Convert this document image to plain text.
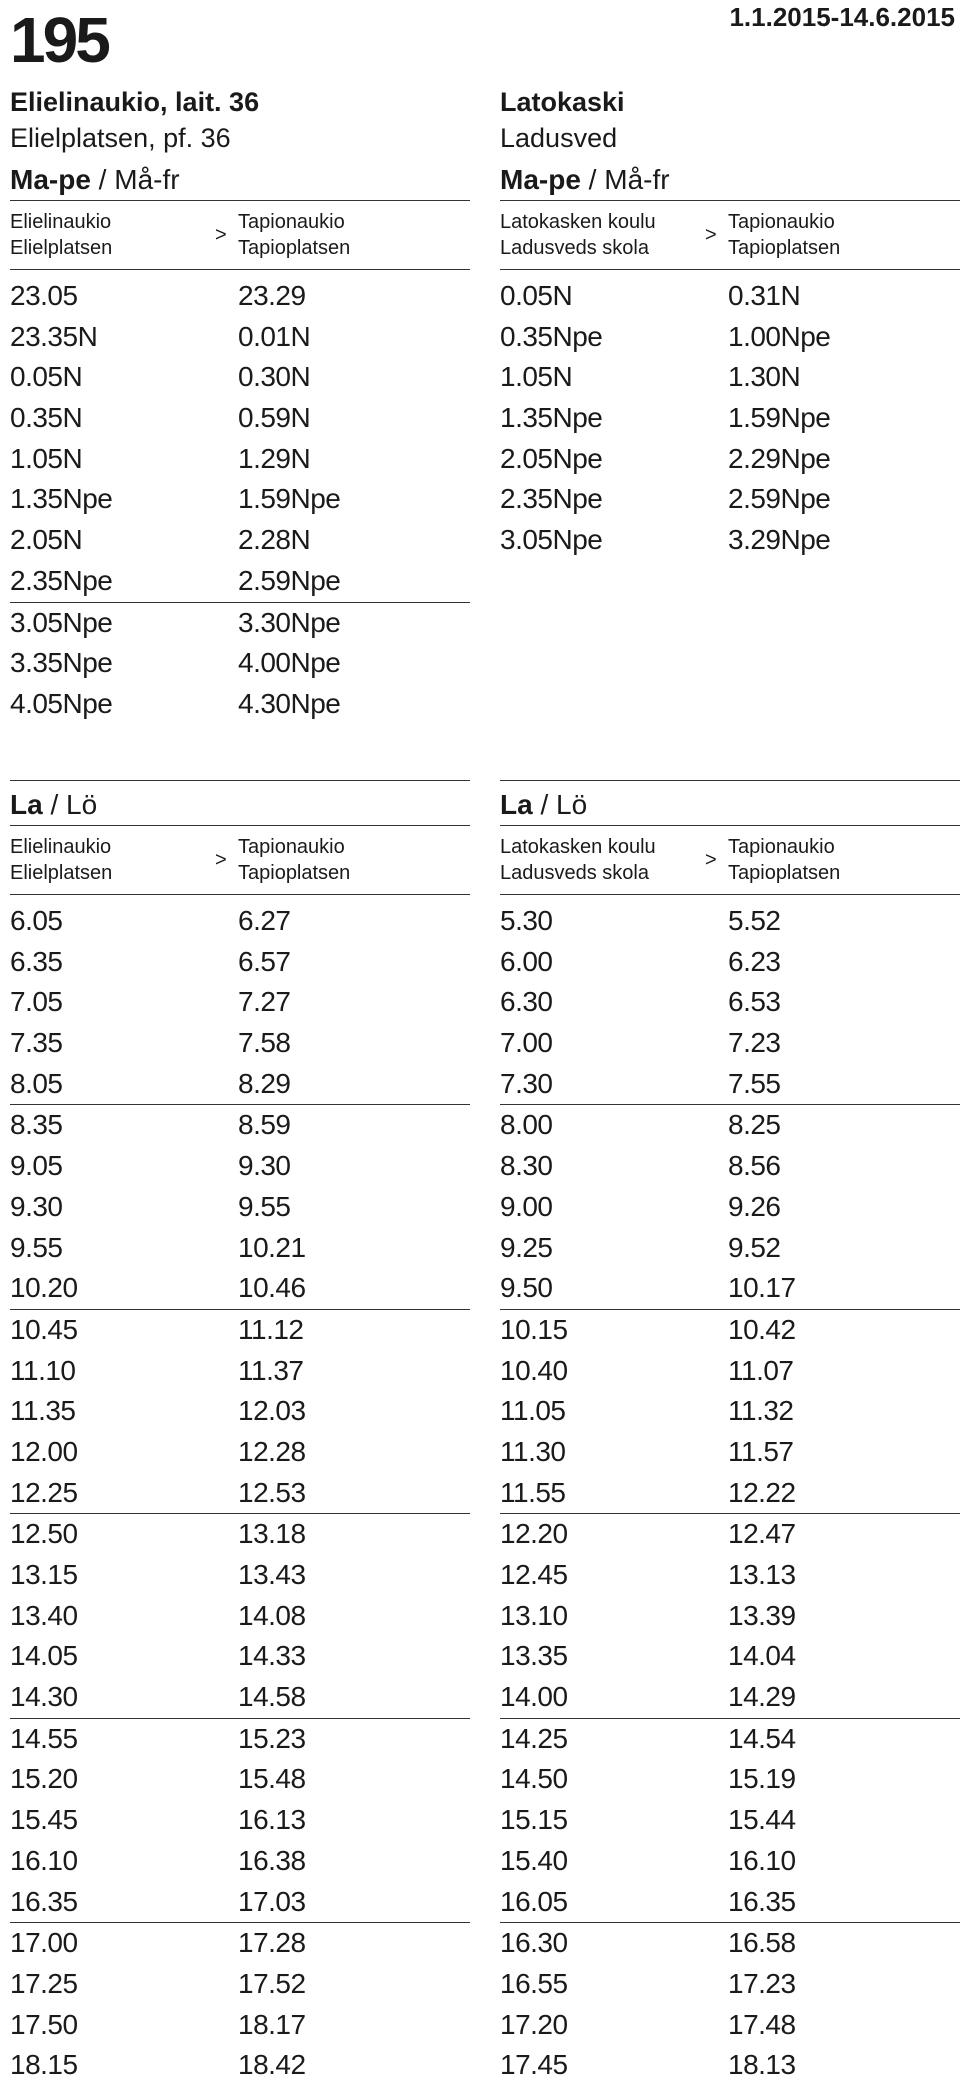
195	1.1.2015-14.6.2015
Elielinaukio, lait. 36
Elielplatsen, pf. 36
Latokaski
Ladusved
Ma-pe / Må-fr
Elielinaukio
Elielplatsen
>
Tapionaukio
Tapioplatsen
23.05	23.29
23.35N	0.01N
0.05N	0.30N
0.35N	0.59N
1.05N	1.29N
1.35Npe	1.59Npe
2.05N	2.28N
2.35Npe	2.59Npe
3.05Npe	3.30Npe
3.35Npe	4.00Npe
4.05Npe	4.30Npe
Ma-pe / Må-fr
Latokasken koulu
Ladusveds skola
>
Tapionaukio
Tapioplatsen
0.05N	0.31N
0.35Npe	1.00Npe
1.05N	1.30N
1.35Npe	1.59Npe
2.05Npe	2.29Npe
2.35Npe	2.59Npe
3.05Npe	3.29Npe
La / Lö
Elielinaukio
Elielplatsen
>
Tapionaukio
Tapioplatsen
6.05	6.27
6.35	6.57
7.05	7.27
7.35	7.58
8.05	8.29
8.35	8.59
9.05	9.30
9.30	9.55
9.55	10.21
10.20	10.46
10.45	11.12
11.10	11.37
11.35	12.03
12.00	12.28
12.25	12.53
12.50	13.18
13.15	13.43
13.40	14.08
14.05	14.33
14.30	14.58
14.55	15.23
15.20	15.48
15.45	16.13
16.10	16.38
16.35	17.03
17.00	17.28
17.25	17.52
17.50	18.17
18.15	18.42
La / Lö
Latokasken koulu
Ladusveds skola
>
Tapionaukio
Tapioplatsen
5.30	5.52
6.00	6.23
6.30	6.53
7.00	7.23
7.30	7.55
8.00	8.25
8.30	8.56
9.00	9.26
9.25	9.52
9.50	10.17
10.15	10.42
10.40	11.07
11.05	11.32
11.30	11.57
11.55	12.22
12.20	12.47
12.45	13.13
13.10	13.39
13.35	14.04
14.00	14.29
14.25	14.54
14.50	15.19
15.15	15.44
15.40	16.10
16.05	16.35
16.30	16.58
16.55	17.23
17.20	17.48
17.45	18.13
